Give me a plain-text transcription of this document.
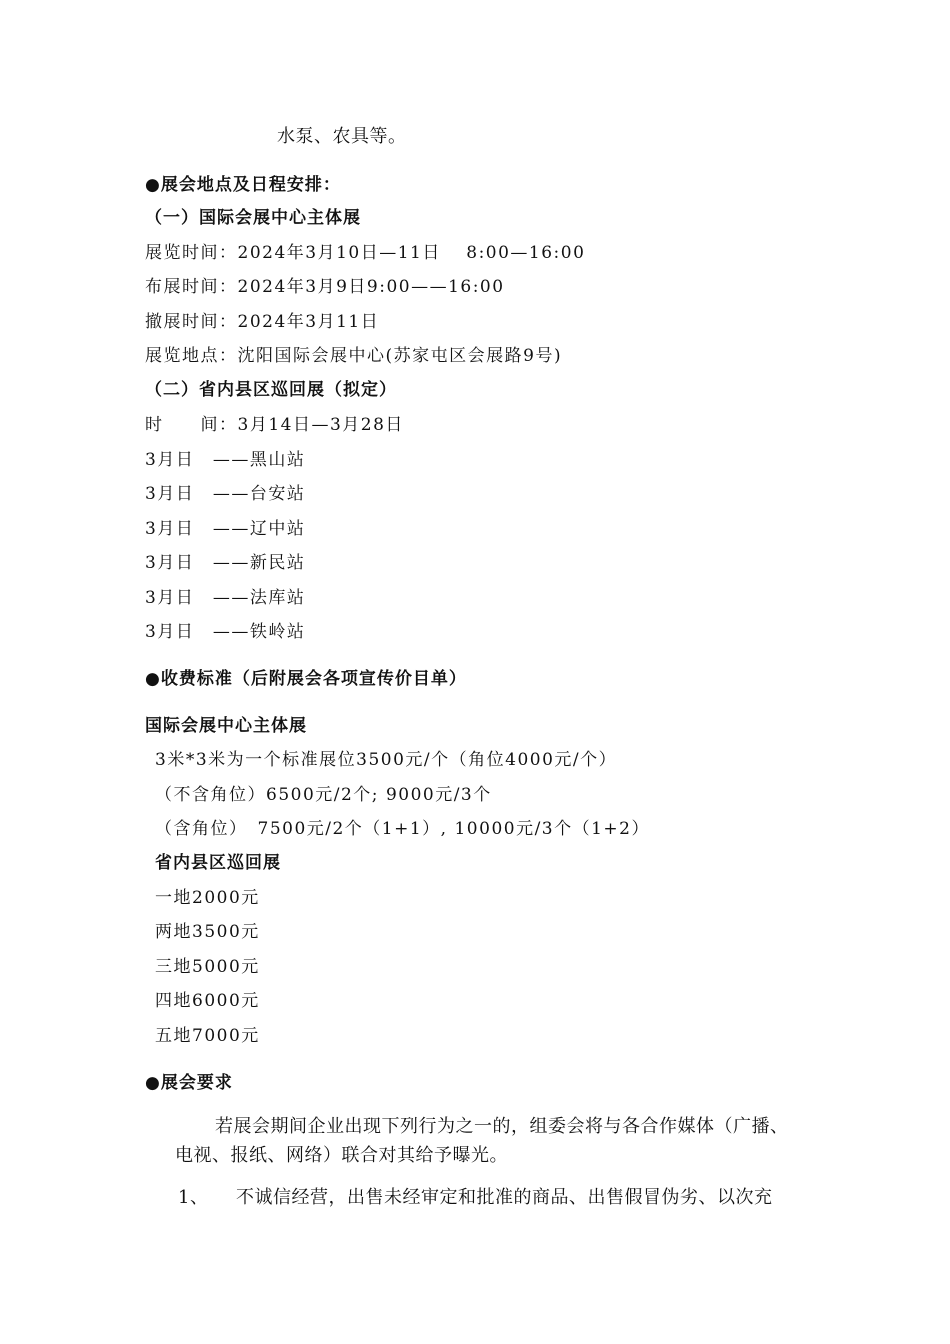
水泵、农具等。
●展会地点及日程安排：
（一）国际会展中心主体展
展览时间：2024年3月10日—11日　 8:00—16:00
布展时间：2024年3月9日9:00——16:00
撤展时间：2024年3月11日
展览地点：沈阳国际会展中心(苏家屯区会展路9号)
（二）省内县区巡回展（拟定）
时　　间：3月14日—3月28日
3月日　——黑山站
3月日　——台安站
3月日　——辽中站
3月日　——新民站
3月日　——法库站
3月日　——铁岭站
●收费标准（后附展会各项宣传价目单）
国际会展中心主体展
3米*3米为一个标准展位3500元/个（角位4000元/个）
（不含角位）6500元/2个; 9000元/3个
（含角位）　7500元/2个（1+1）, 10000元/3个（1+2）
省内县区巡回展
一地2000元
两地3500元
三地5000元
四地6000元
五地7000元
●展会要求
若展会期间企业出现下列行为之一的，组委会将与各合作媒体（广播、
电视、报纸、网络）联合对其给予曝光。
1、 不诚信经营，出售未经审定和批准的商品、出售假冒伪劣、以次充
